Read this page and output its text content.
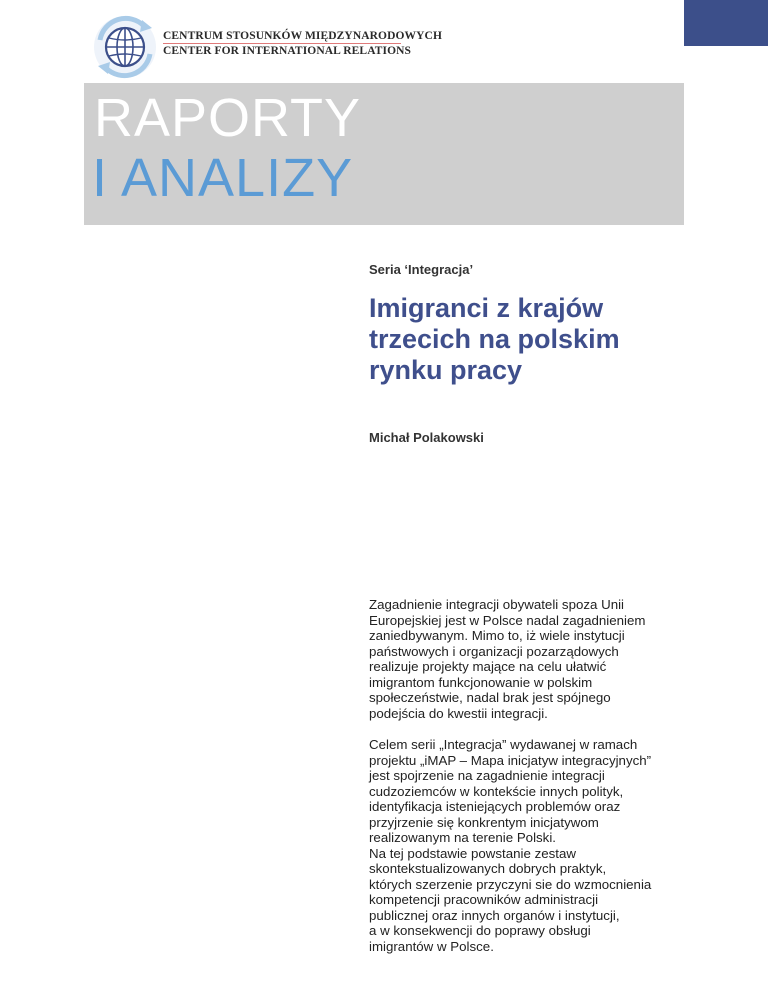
CENTRUM STOSUNKÓW MIĘDZYNARODOWYCH
CENTER FOR INTERNATIONAL RELATIONS
RAPORTY
I ANALIZY
Seria ‘Integracja’
Imigranci z krajów
trzecich na polskim
rynku pracy
Michał Polakowski

Zagadnienie integracji obywateli spoza Unii
Europejskiej jest w Polsce nadal zagadnieniem
zaniedbywanym. Mimo to, iż wiele instytucji
państwowych i organizacji pozarządowych
realizuje projekty mające na celu ułatwić
imigrantom funkcjonowanie w polskim
społeczeństwie, nadal brak jest spójnego
podejścia do kwestii integracji.

Celem serii „Integracja” wydawanej w ramach
projektu „iMAP – Mapa inicjatyw integracyjnych”
jest spojrzenie na zagadnienie integracji
cudzoziemców w kontekście innych polityk,
identyfikacja isteniejących problemów oraz
przyjrzenie się konkrentym inicjatywom
realizowanym na terenie Polski.
Na tej podstawie powstanie zestaw
skontekstualizowanych dobrych praktyk,
których szerzenie przyczyni sie do wzmocnienia
kompetencji pracowników administracji
publicznej oraz innych organów i instytucji,
a w konsekwencji do poprawy obsługi
imigrantów w Polsce.
